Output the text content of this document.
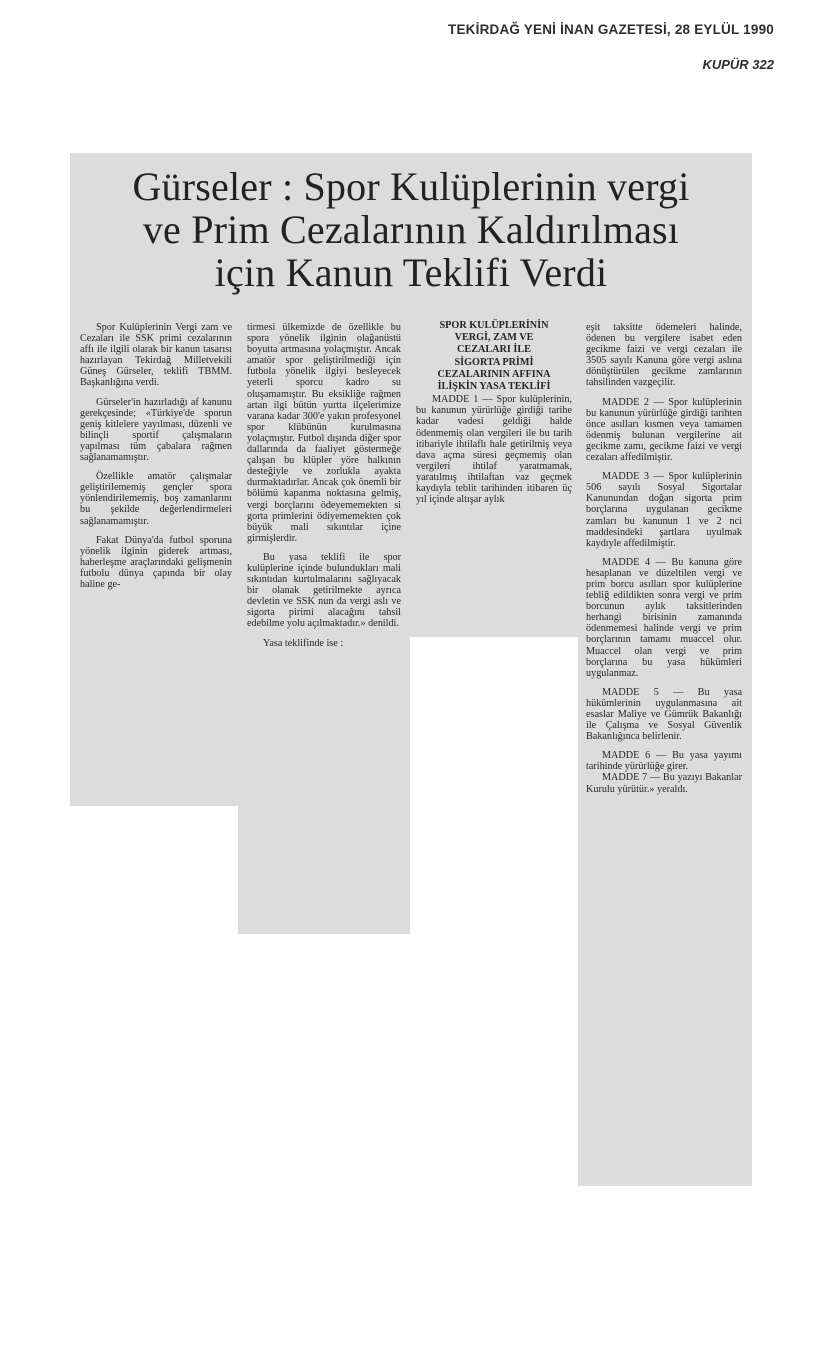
TEKİRDAĞ YENİ İNAN GAZETESİ, 28 EYLÜL 1990
KUPÜR 322
Gürseler : Spor Kulüplerinin vergi
ve Prim Cezalarının Kaldırılması
için Kanun Teklifi Verdi

Spor Kulüplerinin Vergi zam ve Cezaları ile SSK primi cezalarının affı ile ilgili olarak bir kanun tasarısı hazırlayan Tekirdağ Milletvekili Güneş Gürseler, teklifi TBMM. Başkanlığına verdi.

Gürseler'in hazırladığı af kanunu gerekçesinde; «Türkiye'de sporun geniş kitlelere yayılması, düzenli ve bilinçli sportif çalışmaların yapılması tüm çabalara rağmen sağlanamamıştır.

Özellikle amatör çalışmalar geliştirilememiş gençler spora yönlendirilememiş, boş zamanlarını bu şekilde değerlendirmeleri sağlanamamıştır.

Fakat Dünya'da futbol sporuna yönelik ilginin giderek artması, haberleşme araçlarındaki gelişmenin futbolu dünya çapında bir olay haline ge-

tirmesi ülkemizde de özellikle bu spora yönelik ilginin olağanüstü boyutta artmasına yolaçmıştır. Ancak amatör spor geliştirilmediği için futbola yönelik ilgiyi besleyecek yeterli sporcu kadro su oluşamamıştır. Bu eksikliğe rağmen artan ilgi bütün yurtta ilçelerimize varana kadar 300'e yakın profesyonel spor klübünün kurulmasına yolaçmıştır. Futbol dışında diğer spor dallarında da faaliyet göstermeğe çalışan bu klüpler yöre halkının desteğiyle ve zorlukla ayakta durmaktadırlar. Ancak çok önemli bir bölümü kapanma noktasına gelmiş, vergi borçlarını ödeyememekten si gorta primlerini ödiyememekten çok büyük mali sıkıntılar içine girmişlerdir.

Bu yasa teklifi ile spor kulüplerine içinde bulundukları mali sıkıntıdan kurtulmalarını sağlıyacak bir olanak getirilmekte ayrıca devletin ve SSK nun da vergi aslı ve sigorta pirimi alacağını tahsil edebilme yolu açılmaktadır.» denildi.

Yasa teklifinde ise :

SPOR KULÜPLERİNİN
VERGİ, ZAM VE
CEZALARI İLE
SİGORTA PRİMİ
CEZALARININ AFFINA
İLİŞKİN YASA TEKLİFİ

MADDE 1 — Spor kulüplerinin, bu kanunun yürürlüğe girdiği tarihe kadar vadesi geldiği halde ödenmemiş olan vergileri ile bu tarih itibariyle ihtilaflı hale getirilmiş veya dava açma süresi geçmemiş olan vergileri ihtilaf yaratmamak, yaratılmış ihtilaftan vaz geçmek kaydıyla teblit tarihinden itibaren üç yıl içinde altışar aylık

eşit taksitte ödemeleri halinde, ödenen bu vergilere isabet eden gecikme faizi ve vergi cezaları ile 3505 sayılı Kanuna göre vergi aslına dönüştürülen gecikme zamlarının tahsilinden vazgeçilir.

MADDE 2 — Spor kulüplerinin bu kanunun yürürlüğe girdiği tarihten önce asılları kısmen veya tamamen ödenmiş bulunan vergilerine ait gecikme zamı, gecikme faizi ve vergi cezaları affedilmiştir.

MADDE 3 — Spor kulüplerinin 506 sayılı Sosyal Sigortalar Kanunundan doğan sigorta prim borçlarına uygulanan gecikme zamları bu kanunun 1 ve 2 nci maddesindeki şartlara uyulmak kaydıyle affedilmiştir.

MADDE 4 — Bu kanuna göre hesaplanan ve düzeltilen vergi ve prim borcu asılları spor kulüplerine tebliğ edildikten sonra vergi ve prim borcunun aylık taksitlerinden herhangi birisinin zamanında ödenmemesi halinde vergi ve prim borçlarının tamamı muaccel olur. Muaccel olan vergi ve prim borçlarına bu yasa hükümleri uygulanmaz.

MADDE 5 — Bu yasa hükümlerinin uygulanmasına ait esaslar Maliye ve Gümrük Bakanlığı ile Çalışma ve Sosyal Güvenlik Bakanlığınca belirlenir.

MADDE 6 — Bu yasa yayımı tarihinde yürürlüğe girer.

MADDE 7 — Bu yazıyı Bakanlar Kurulu yürütür.» yeraldı.
